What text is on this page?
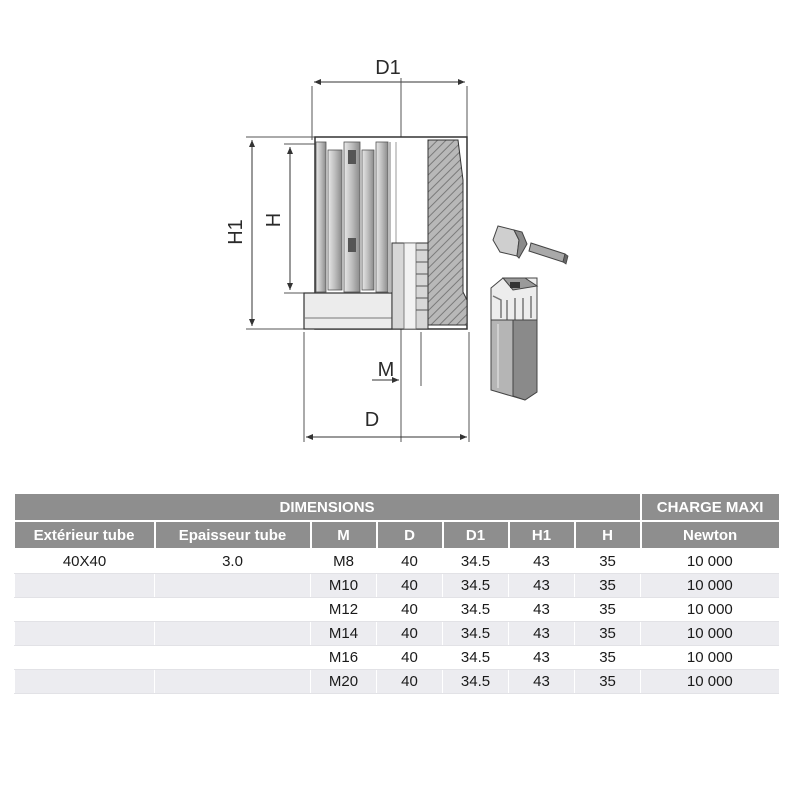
D1
H1 H
M
D
DIMENSIONS							CHARGE MAXI
Extérieur tube	Epaisseur tube	M	D	D1	H1	H	Newton
40X40	3.0	M8	40	34.5	43	35	10 000
		M10	40	34.5	43	35	10 000
		M12	40	34.5	43	35	10 000
		M14	40	34.5	43	35	10 000
		M16	40	34.5	43	35	10 000
		M20	40	34.5	43	35	10 000
